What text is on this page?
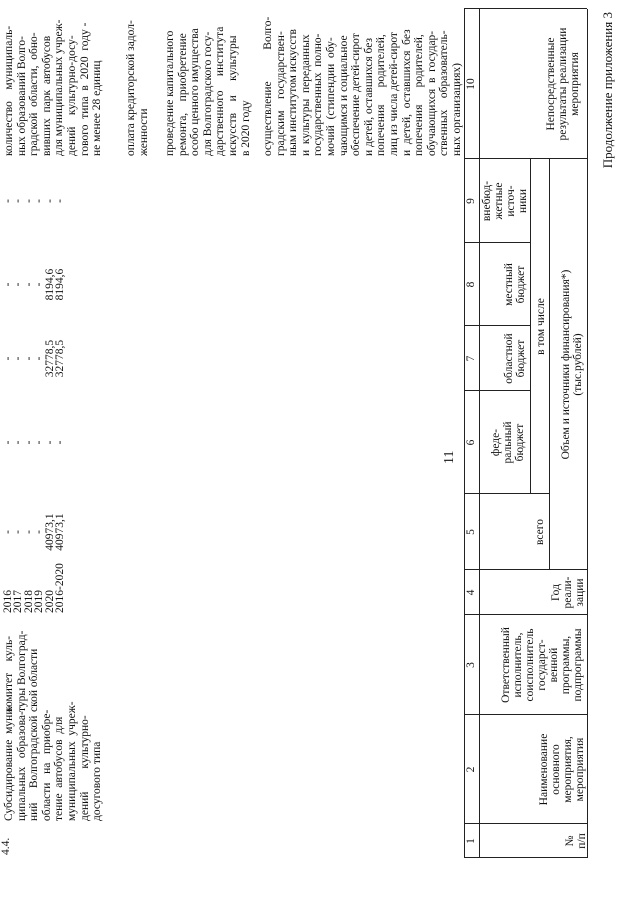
11
Продолжение приложения 3
№
п/п
Наименование
основного
мероприятия,
мероприятия
Ответственный
исполнитель,
соисполнитель
государст-
венной
программы,
подпрограммы
Год
реали-
зации
Объем и источники финансирования*)
(тыс.рублей)
всего
в том числе
феде-
ральный
бюджет
областной
бюджет
местный
бюджет
внебюд-
жетные
источ-
ники
Непосредственные
результаты реализации
мероприятия
1
2
3
4
5
6
7
8
9
10
осуществление           Волго-
градским    государствен-
ным институтом искусств
и  культуры  переданных
государственных  полно-
мочий  (стипендии  обу-
чающимся и социальное
обеспечение детей-сирот
и детей, оставшихся без
попечения      родителей,
лиц из числа детей-сирот
и  детей,  оставшихся  без
попечения      родителей,
обучающихся  в  государ-
ственных    образователь-
ных организациях)
проведение капитального
ремонта,    приобретение
особо ценного имущества
для Волгоградского госу-
дарственного     института
искусств    и     культуры
в 2020 году
оплата кредиторской задол-
женности
4.4.
Субсидирование  муни-
ципальных   образова-
ний     Волгоградской
области   на   приобре-
тение  автобусов  для
муниципальных  учреж-
дений        культурно-
досугового типа
комитет    куль-
туры Волгоград-
ской области
2016
2017
2018
2019
2020
2016-2020
-
-
-
-
40973,1
40973,1
-
-
-
-
-
-
-
-
-
-
32778,5
32778,5
-
-
-
-
8194,6
8194,6
-
-
-
-
-
-
количество    муниципаль-
ных образований Волго-
градской  области,  обно-
вивших  парк  автобусов
для муниципальных учреж-
дений    культурно-досу-
гового  типа  в  2020  году -
не менее 28 единиц
